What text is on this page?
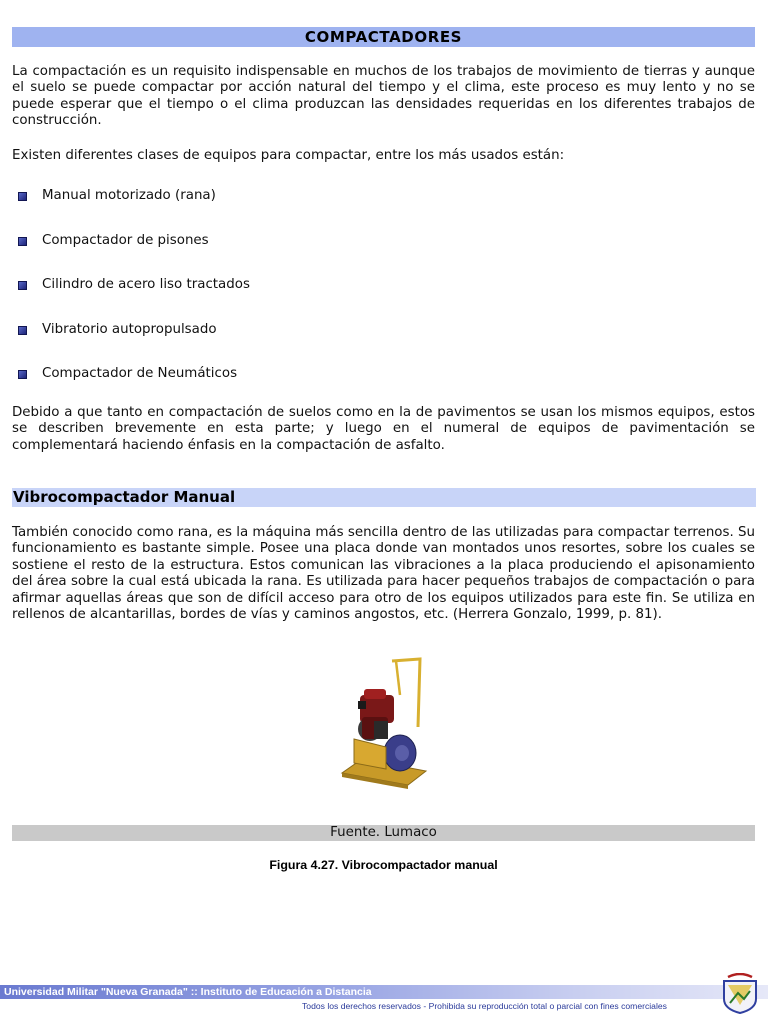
COMPACTADORES

La compactación es un requisito indispensable en muchos de los trabajos de movimiento de tierras y aunque el suelo se puede compactar por acción natural del tiempo y el clima, este proceso es muy lento y no se puede esperar que el tiempo o el clima produzcan las densidades requeridas en los diferentes trabajos de construcción.

Existen diferentes clases de equipos para compactar, entre los más usados están:

Manual motorizado (rana)
Compactador de pisones
Cilindro de acero liso tractados
Vibratorio autopropulsado
Compactador de Neumáticos

Debido a que tanto en compactación de suelos como en la de pavimentos se usan los mismos equipos, estos se describen brevemente en esta parte; y luego en el numeral de equipos de pavimentación se complementará haciendo énfasis en la compactación de asfalto.

Vibrocompactador Manual

También conocido como rana, es la máquina más sencilla dentro de las utilizadas para compactar terrenos. Su funcionamiento es bastante simple. Posee una placa donde van montados unos resortes, sobre los cuales se sostiene el resto de la estructura. Estos comunican las vibraciones a la placa produciendo el apisonamiento del área sobre la cual está ubicada la rana. Es utilizada para hacer pequeños trabajos de compactación o para afirmar aquellas áreas que son de difícil acceso para otro de los equipos utilizados para este fin. Se utiliza en rellenos de alcantarillas, bordes de vías y caminos angostos, etc. (Herrera Gonzalo, 1999, p. 81).

Fuente. Lumaco
Figura 4.27. Vibrocompactador manual
Universidad Militar "Nueva Granada" :: Instituto de Educación a Distancia
Todos los derechos reservados - Prohibida su reproducción total o parcial con fines comerciales
